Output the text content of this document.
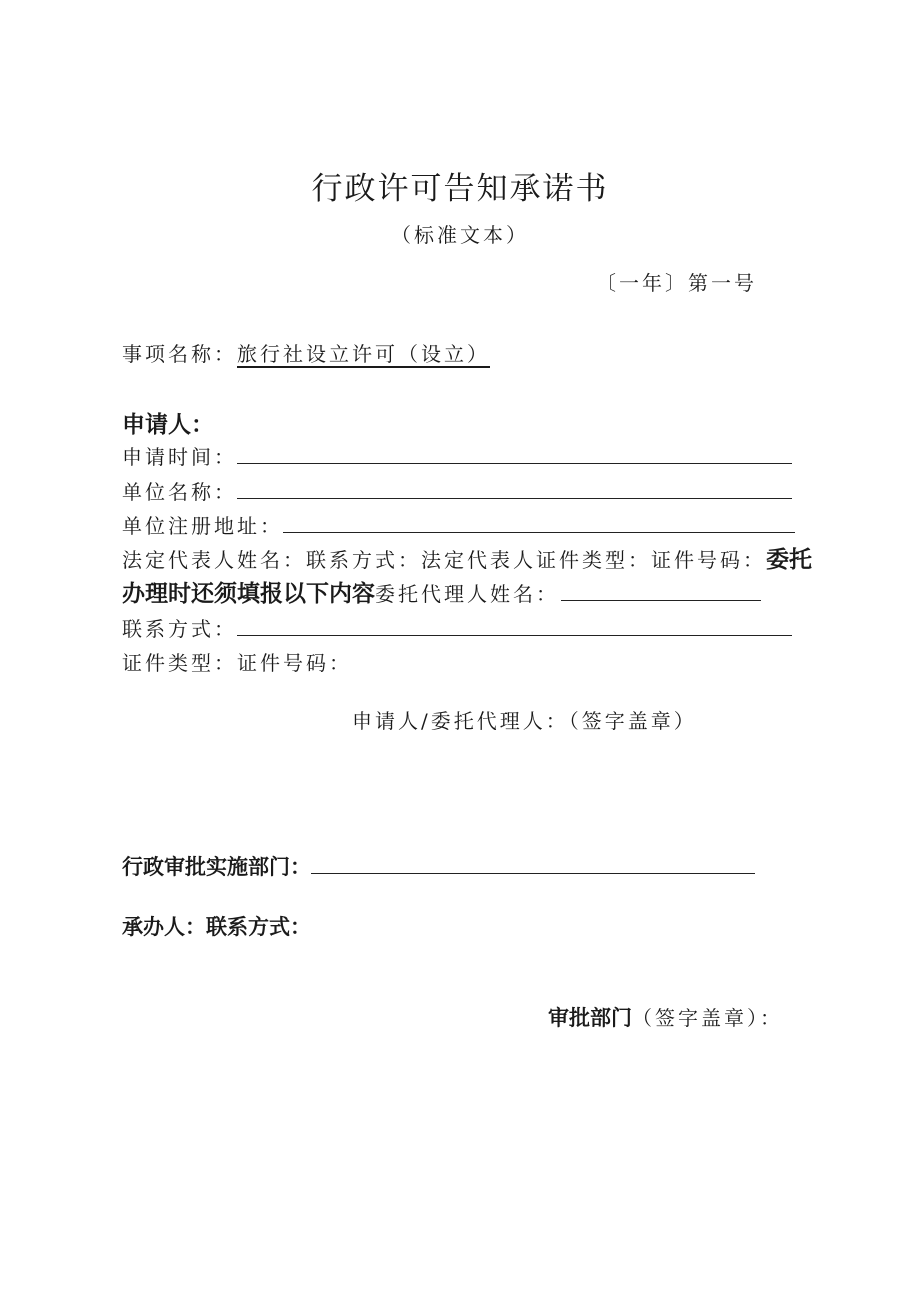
行政许可告知承诺书
（标准文本）
〔一年〕第一号
事项名称：旅行社设立许可（设立）
申请人：
申请时间：
单位名称：
单位注册地址：
法定代表人姓名：联系方式：法定代表人证件类型：证件号码：委托
办理时还须填报以下内容委托代理人姓名：
联系方式：
证件类型：证件号码：
申请人/委托代理人：（签字盖章）
行政审批实施部门：
承办人：联系方式：
审批部门（签字盖章）：
